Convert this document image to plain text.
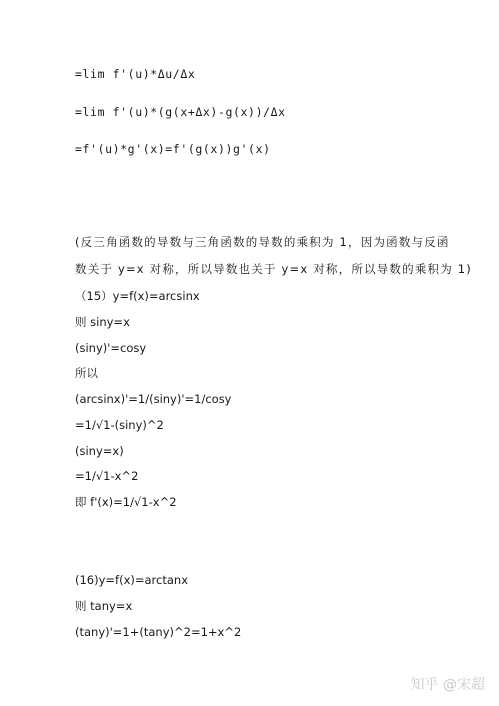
=lim f'(u)*Δu/Δx
=lim f'(u)*(g(x+Δx)-g(x))/Δx
=f'(u)*g'(x)=f'(g(x))g'(x)
(反三角函数的导数与三角函数的导数的乘积为 1，因为函数与反函
数关于 y=x 对称，所以导数也关于 y=x 对称，所以导数的乘积为 1)
（15）y=f(x)=arcsinx
则 siny=x
(siny)'=cosy
所以
(arcsinx)'=1/(siny)'=1/cosy
=1/√1-(siny)^2
(siny=x)
=1/√1-x^2
即 f'(x)=1/√1-x^2
(16)y=f(x)=arctanx
则 tany=x
(tany)'=1+(tany)^2=1+x^2
知乎 @宋超
